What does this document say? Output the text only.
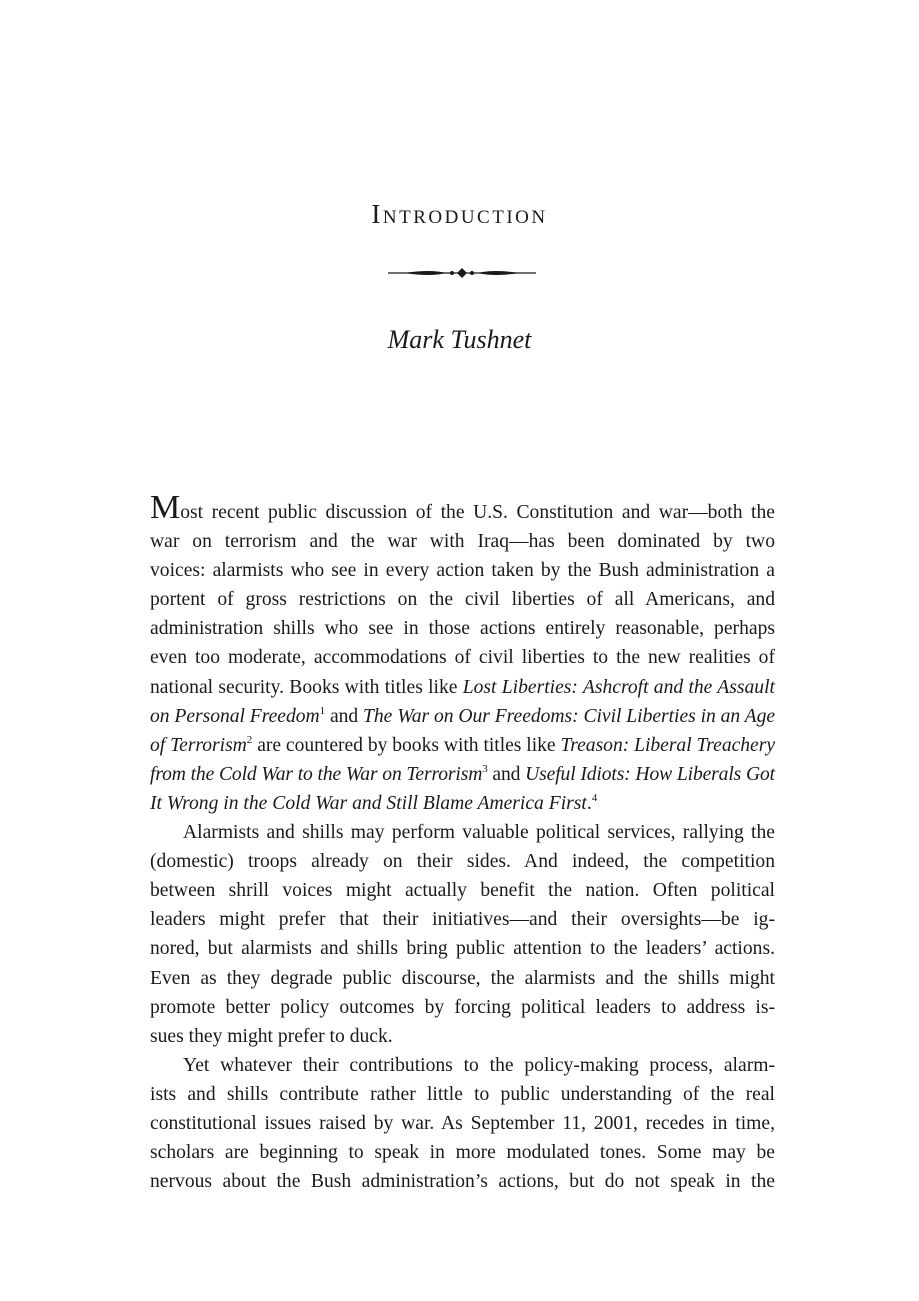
Introduction

Mark Tushnet

Most recent public discussion of the U.S. Constitution and war—both the
war on terrorism and the war with Iraq—has been dominated by two
voices: alarmists who see in every action taken by the Bush administration a
portent of gross restrictions on the civil liberties of all Americans, and
administration shills who see in those actions entirely reasonable, perhaps
even too moderate, accommodations of civil liberties to the new realities of
national security. Books with titles like Lost Liberties: Ashcroft and the Assault
on Personal Freedom$^1$ and The War on Our Freedoms: Civil Liberties in an Age
of Terrorism$^2$ are countered by books with titles like Treason: Liberal Treachery
from the Cold War to the War on Terrorism$^3$ and Useful Idiots: How Liberals Got
It Wrong in the Cold War and Still Blame America First.$^4$

Alarmists and shills may perform valuable political services, rallying the
(domestic) troops already on their sides. And indeed, the competition
between shrill voices might actually benefit the nation. Often political
leaders might prefer that their initiatives—and their oversights—be ig-
nored, but alarmists and shills bring public attention to the leaders’ actions.
Even as they degrade public discourse, the alarmists and the shills might
promote better policy outcomes by forcing political leaders to address is-
sues they might prefer to duck.

Yet whatever their contributions to the policy-making process, alarm-
ists and shills contribute rather little to public understanding of the real
constitutional issues raised by war. As September 11, 2001, recedes in time,
scholars are beginning to speak in more modulated tones. Some may be
nervous about the Bush administration’s actions, but do not speak in the
